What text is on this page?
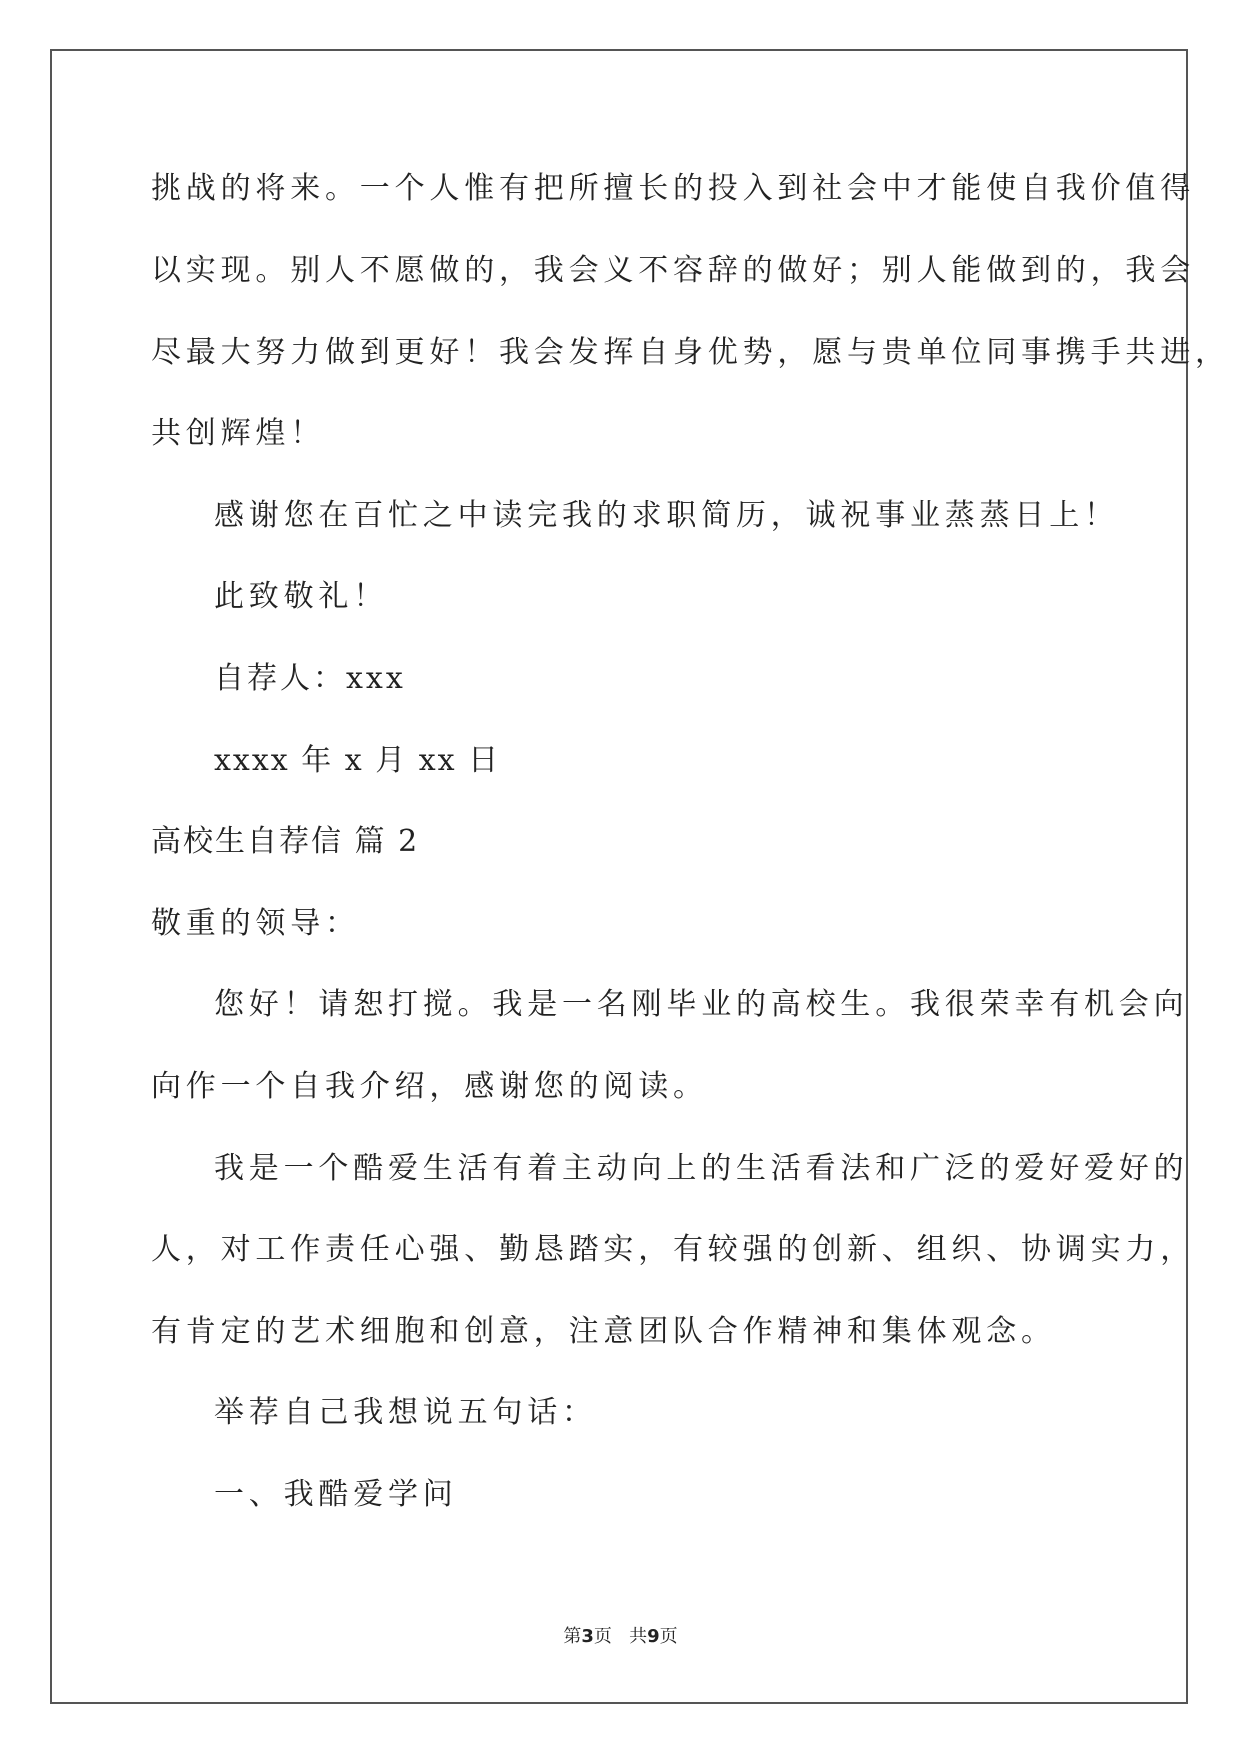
挑战的将来。一个人惟有把所擅长的投入到社会中才能使自我价值得
以实现。别人不愿做的，我会义不容辞的做好；别人能做到的，我会
尽最大努力做到更好！我会发挥自身优势，愿与贵单位同事携手共进，
共创辉煌！
感谢您在百忙之中读完我的求职简历，诚祝事业蒸蒸日上！
此致敬礼！
自荐人：xxx
xxxx 年 x 月 xx 日
高校生自荐信 篇 2
敬重的领导：
您好！请恕打搅。我是一名刚毕业的高校生。我很荣幸有机会向
向作一个自我介绍，感谢您的阅读。
我是一个酷爱生活有着主动向上的生活看法和广泛的爱好爱好的
人，对工作责任心强、勤恳踏实，有较强的创新、组织、协调实力，
有肯定的艺术细胞和创意，注意团队合作精神和集体观念。
举荐自己我想说五句话：
一、我酷爱学问
第3页 共9页
